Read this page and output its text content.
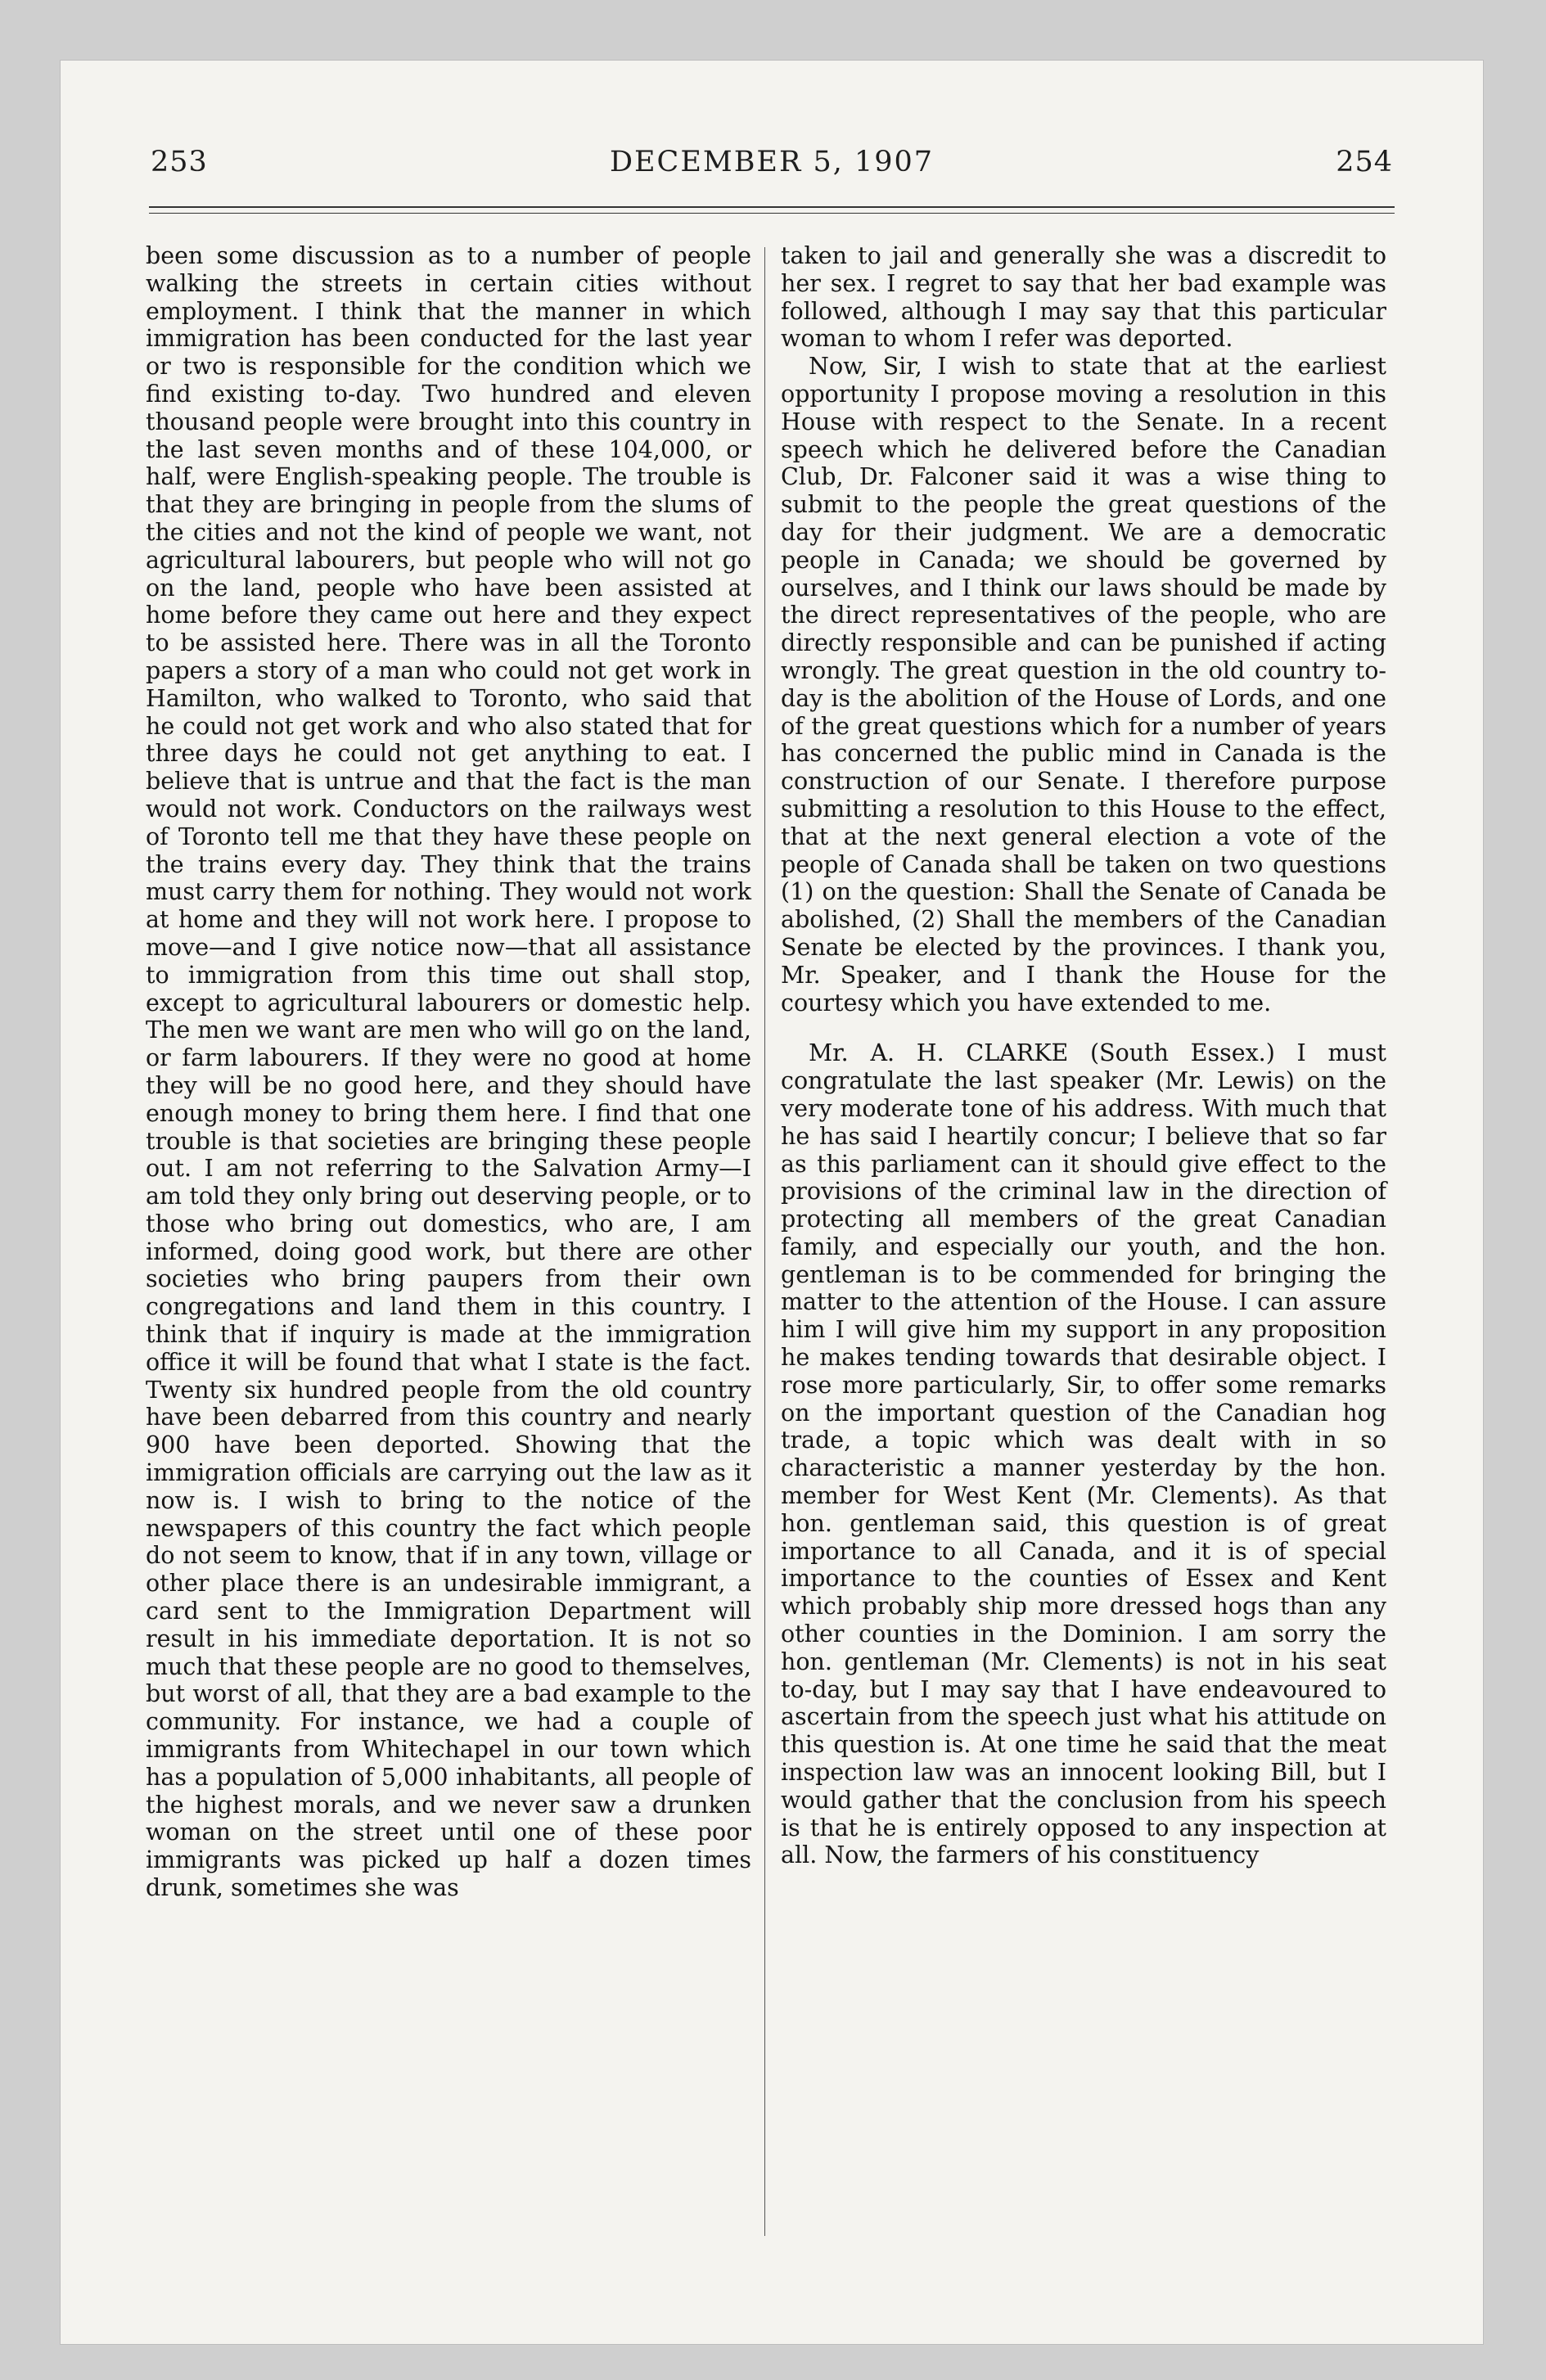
253	DECEMBER 5, 1907	254

been some discussion as to a number of people walking the streets in certain cities without employment. I think that the manner in which immigration has been conducted for the last year or two is responsible for the condition which we find existing to-day. Two hundred and eleven thousand people were brought into this country in the last seven months and of these 104,000, or half, were English-speaking people. The trouble is that they are bringing in people from the slums of the cities and not the kind of people we want, not agricultural labourers, but people who will not go on the land, people who have been assisted at home before they came out here and they expect to be assisted here. There was in all the Toronto papers a story of a man who could not get work in Hamilton, who walked to Toronto, who said that he could not get work and who also stated that for three days he could not get anything to eat. I believe that is untrue and that the fact is the man would not work. Conductors on the railways west of Toronto tell me that they have these people on the trains every day. They think that the trains must carry them for nothing. They would not work at home and they will not work here. I propose to move—and I give notice now—that all assistance to immigration from this time out shall stop, except to agricultural labourers or domestic help. The men we want are men who will go on the land, or farm labourers. If they were no good at home they will be no good here, and they should have enough money to bring them here. I find that one trouble is that societies are bringing these people out. I am not referring to the Salvation Army—I am told they only bring out deserving people, or to those who bring out domestics, who are, I am informed, doing good work, but there are other societies who bring paupers from their own congregations and land them in this country. I think that if inquiry is made at the immigration office it will be found that what I state is the fact. Twenty six hundred people from the old country have been debarred from this country and nearly 900 have been deported. Showing that the immigration officials are carrying out the law as it now is. I wish to bring to the notice of the newspapers of this country the fact which people do not seem to know, that if in any town, village or other place there is an undesirable immigrant, a card sent to the Immigration Department will result in his immediate deportation. It is not so much that these people are no good to themselves, but worst of all, that they are a bad example to the community. For instance, we had a couple of immigrants from Whitechapel in our town which has a population of 5,000 inhabitants, all people of the highest morals, and we never saw a drunken woman on the street until one of these poor immigrants was picked up half a dozen times drunk, sometimes she was

taken to jail and generally she was a discredit to her sex. I regret to say that her bad example was followed, although I may say that this particular woman to whom I refer was deported.

Now, Sir, I wish to state that at the earliest opportunity I propose moving a resolution in this House with respect to the Senate. In a recent speech which he delivered before the Canadian Club, Dr. Falconer said it was a wise thing to submit to the people the great questions of the day for their judgment. We are a democratic people in Canada; we should be governed by ourselves, and I think our laws should be made by the direct representatives of the people, who are directly responsible and can be punished if acting wrongly. The great question in the old country to-day is the abolition of the House of Lords, and one of the great questions which for a number of years has concerned the public mind in Canada is the construction of our Senate. I therefore purpose submitting a resolution to this House to the effect, that at the next general election a vote of the people of Canada shall be taken on two questions (1) on the question: Shall the Senate of Canada be abolished, (2) Shall the members of the Canadian Senate be elected by the provinces. I thank you, Mr. Speaker, and I thank the House for the courtesy which you have extended to me.

Mr. A. H. CLARKE (South Essex.) I must congratulate the last speaker (Mr. Lewis) on the very moderate tone of his address. With much that he has said I heartily concur; I believe that so far as this parliament can it should give effect to the provisions of the criminal law in the direction of protecting all members of the great Canadian family, and especially our youth, and the hon. gentleman is to be commended for bringing the matter to the attention of the House. I can assure him I will give him my support in any proposition he makes tending towards that desirable object. I rose more particularly, Sir, to offer some remarks on the important question of the Canadian hog trade, a topic which was dealt with in so characteristic a manner yesterday by the hon. member for West Kent (Mr. Clements). As that hon. gentleman said, this question is of great importance to all Canada, and it is of special importance to the counties of Essex and Kent which probably ship more dressed hogs than any other counties in the Dominion. I am sorry the hon. gentleman (Mr. Clements) is not in his seat to-day, but I may say that I have endeavoured to ascertain from the speech just what his attitude on this question is. At one time he said that the meat inspection law was an innocent looking Bill, but I would gather that the conclusion from his speech is that he is entirely opposed to any inspection at all. Now, the farmers of his constituency
